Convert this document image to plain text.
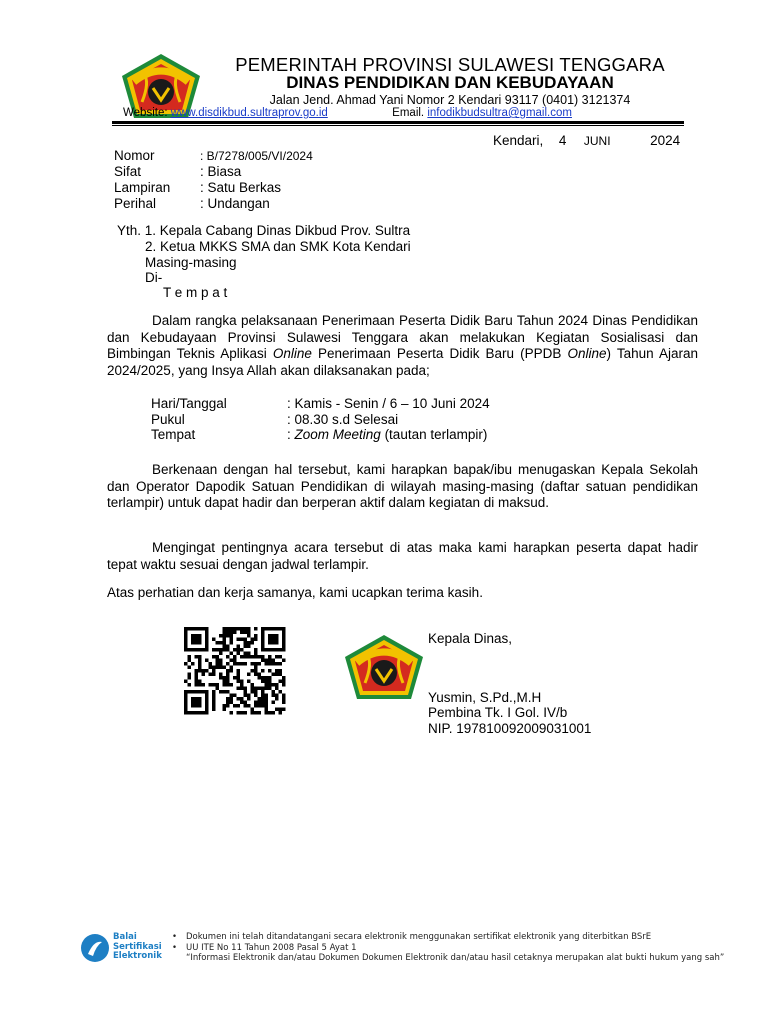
PEMERINTAH PROVINSI SULAWESI TENGGARA
DINAS PENDIDIKAN DAN KEBUDAYAAN
Jalan Jend. Ahmad Yani Nomor 2 Kendari 93117 (0401) 3121374
Website: www.disdikbud.sultraprov.go.id	Email. infodikbudsultra@gmail.com
Kendari, 4 JUNI	2024
Nomor	: B/7278/005/VI/2024
Sifat	: Biasa
Lampiran : Satu Berkas
Perihal	: Undangan
Yth. 1. Kepala Cabang Dinas Dikbud Prov. Sultra
2. Ketua MKKS SMA dan SMK Kota Kendari
Masing-masing
Di-
T e m p a t
Dalam rangka pelaksanaan Penerimaan Peserta Didik Baru Tahun 2024 Dinas Pendidikan dan Kebudayaan Provinsi Sulawesi Tenggara akan melakukan Kegiatan Sosialisasi dan Bimbingan Teknis Aplikasi Online Penerimaan Peserta Didik Baru (PPDB Online) Tahun Ajaran 2024/2025, yang Insya Allah akan dilaksanakan pada;
Hari/Tanggal	: Kamis - Senin / 6 – 10 Juni 2024
Pukul	: 08.30 s.d Selesai
Tempat	: Zoom Meeting (tautan terlampir)
Berkenaan dengan hal tersebut, kami harapkan bapak/ibu menugaskan Kepala Sekolah dan Operator Dapodik Satuan Pendidikan di wilayah masing-masing (daftar satuan pendidikan terlampir) untuk dapat hadir dan berperan aktif dalam kegiatan di maksud.
Mengingat pentingnya acara tersebut di atas maka kami harapkan peserta dapat hadir tepat waktu sesuai dengan jadwal terlampir.
Atas perhatian dan kerja samanya, kami ucapkan terima kasih.
Kepala Dinas,
Yusmin, S.Pd.,M.H
Pembina Tk. I Gol. IV/b
NIP. 197810092009031001
Balai
Sertifikasi
Elektronik
• Dokumen ini telah ditandatangani secara elektronik menggunakan sertifikat elektronik yang diterbitkan BSrE
• UU ITE No 11 Tahun 2008 Pasal 5 Ayat 1
“Informasi Elektronik dan/atau Dokumen Dokumen Elektronik dan/atau hasil cetaknya merupakan alat bukti hukum yang sah”
